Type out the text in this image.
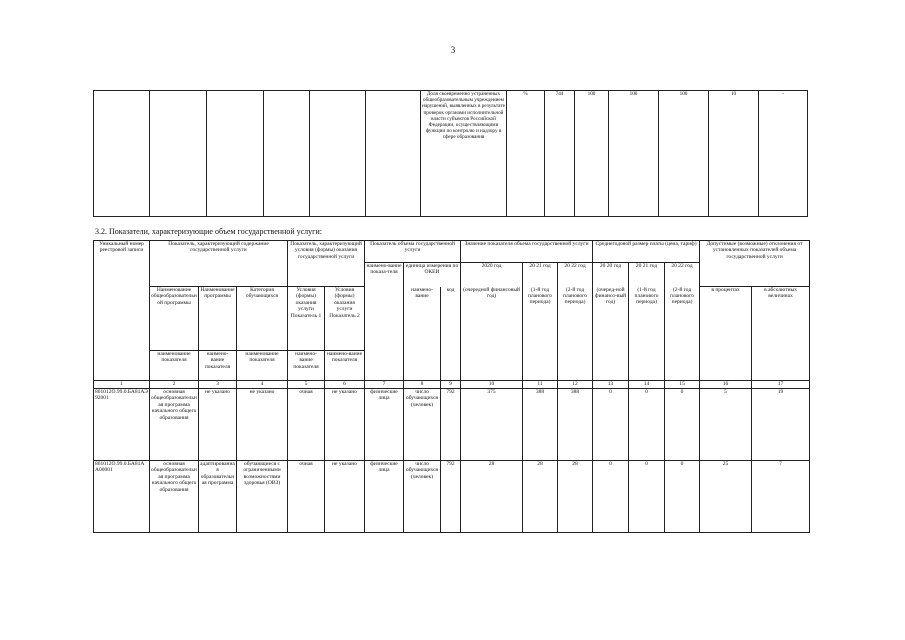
3
						Доля своевременно устраненных общеобразовательным учреждением нарушений, выявленных в результате проверок органами исполнительной власти субъектов Российской Федерации, осуществляющими функции по контролю и надзору в сфере образования	%	744	100	100	100	10	-
3.2. Показатели, характеризующие объем государственной услуги:
Уникальный номер реестровой записи	Показатель, характеризующий содержание государственной услуги			Показатель, характеризующий условия (формы) оказания государственной услуги		Показатель объема государственной услуги			Значение показателя объема государственной услуги			Среднегодовой размер платы (цена, тариф)			Допустимые (возможные) отклонения от установленных показателей объема государственной услуги	
						наимено-вание показа-теля	единица измерения по ОКЕИ		2020 год	20 21 год	20 22 год	20 20 год	20 21 год	20 22 год		
	Наименование общеобразовательной программы	Наименование программы	Категория обучающихся	Условия (формы) оказания услуги Показатель 1	Условия (формы) оказания услуги Показатель 2		наимено-вание	код	(очередной финансовый год)	(1-й год планового периода)	(2-й год планового периода)	(очеред-ной финансо-вый год)	(1-й год планового периода)	(2-й год планового периода)	в процентах	в абсолютных величинах
	наименование показателя	наимено-вание показателя	наименование показателя	наимено-вание показателя	наимено-вание показателя											
1	2	3	4	5	6	7	8	9	10	11	12	13	14	15	16	17
801012О.99.0.БА81АЭ92001	основная общеобразовательная программа начального общего образования	не указано	не указано	очная	не указано	физические лица	число обучающихся (человек)	792	375	388	388	0	0	0	5	19
801012О.99.0.БА81АА00001	основная общеобразовательная программа начального общего образования	адаптированная образовательная программа	обучающиеся с ограниченными возможностями здоровья (ОВЗ)	очная	не указано	физические лица	число обучающихся (человек)	792	28	28	28	0	0	0	25	7
